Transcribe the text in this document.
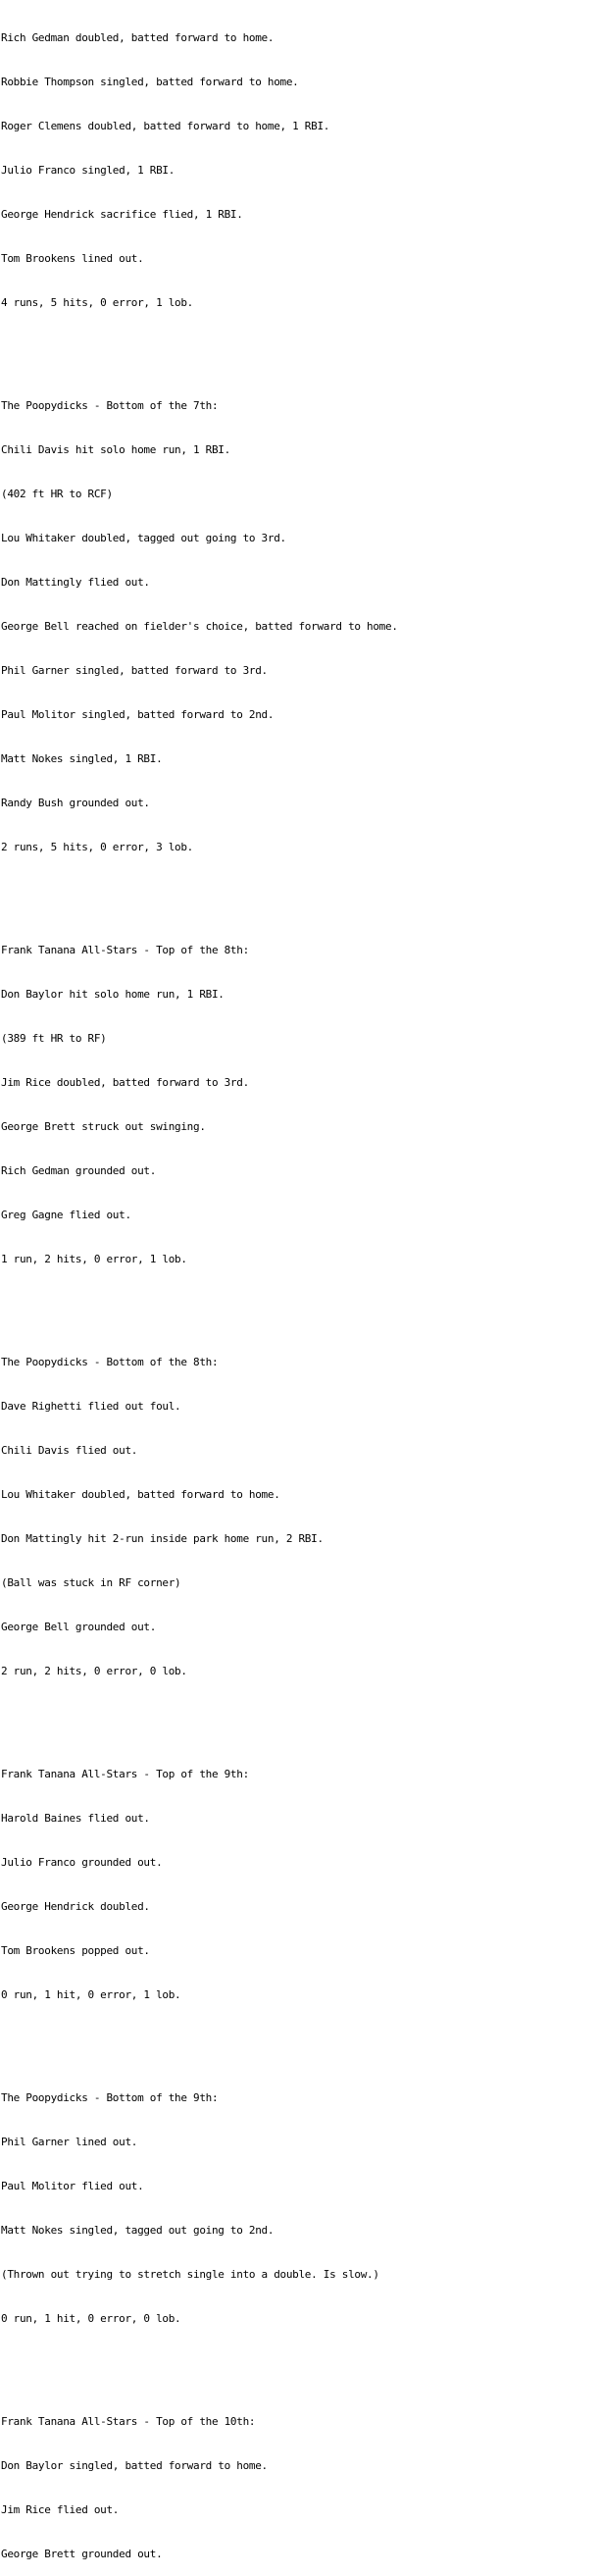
Rich Gedman doubled, batted forward to home.

Robbie Thompson singled, batted forward to home.

Roger Clemens doubled, batted forward to home, 1 RBI.

Julio Franco singled, 1 RBI.

George Hendrick sacrifice flied, 1 RBI.

Tom Brookens lined out.

4 runs, 5 hits, 0 error, 1 lob.

The Poopydicks - Bottom of the 7th:

Chili Davis hit solo home run, 1 RBI.

(402 ft HR to RCF)

Lou Whitaker doubled, tagged out going to 3rd.

Don Mattingly flied out.

George Bell reached on fielder's choice, batted forward to home.

Phil Garner singled, batted forward to 3rd.

Paul Molitor singled, batted forward to 2nd.

Matt Nokes singled, 1 RBI.

Randy Bush grounded out.

2 runs, 5 hits, 0 error, 3 lob.

Frank Tanana All-Stars - Top of the 8th:

Don Baylor hit solo home run, 1 RBI.

(389 ft HR to RF)

Jim Rice doubled, batted forward to 3rd.

George Brett struck out swinging.

Rich Gedman grounded out.

Greg Gagne flied out.

1 run, 2 hits, 0 error, 1 lob.

The Poopydicks - Bottom of the 8th:

Dave Righetti flied out foul.

Chili Davis flied out.

Lou Whitaker doubled, batted forward to home.

Don Mattingly hit 2-run inside park home run, 2 RBI.

(Ball was stuck in RF corner)

George Bell grounded out.

2 run, 2 hits, 0 error, 0 lob.

Frank Tanana All-Stars - Top of the 9th:

Harold Baines flied out.

Julio Franco grounded out.

George Hendrick doubled.

Tom Brookens popped out.

0 run, 1 hit, 0 error, 1 lob.

The Poopydicks - Bottom of the 9th:

Phil Garner lined out.

Paul Molitor flied out.

Matt Nokes singled, tagged out going to 2nd.

(Thrown out trying to stretch single into a double. Is slow.)

0 run, 1 hit, 0 error, 0 lob.

Frank Tanana All-Stars - Top of the 10th:

Don Baylor singled, batted forward to home.

Jim Rice flied out.

George Brett grounded out.
